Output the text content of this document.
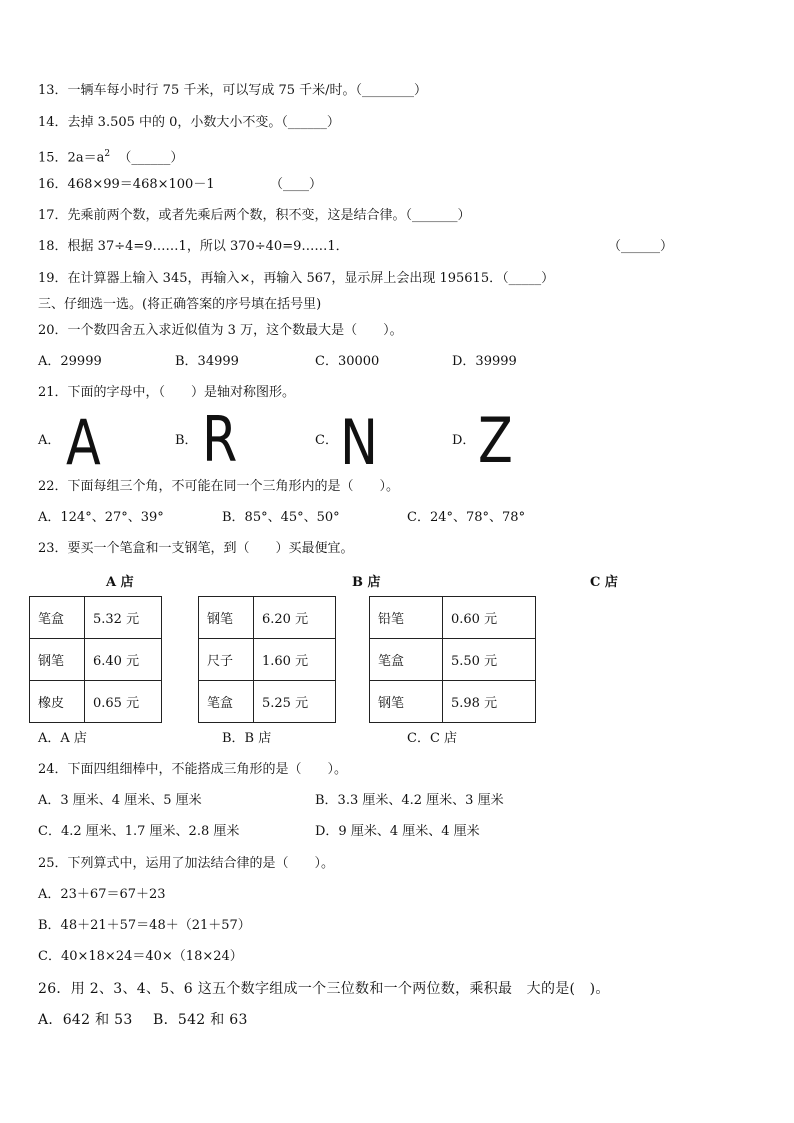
13．一辆车每小时行 75 千米，可以写成 75 千米/时。（________）
14．去掉 3.505 中的 0，小数大小不变。（______）
15．$2a=a^2$ （______）
16．468×99＝468×100－1	（____）
17．先乘前两个数，或者先乘后两个数，积不变，这是结合律。（_______）
18．根据 37÷4=9……1，所以 370÷40=9……1．	（______）
19．在计算器上输入 345，再输入×，再输入 567，显示屏上会出现 195615．（_____）
三、仔细选一选。(将正确答案的序号填在括号里)
20．一个数四舍五入求近似值为 3 万，这个数最大是（　　）。
A．29999	B．34999	C．30000	D．39999
21．下面的字母中，（　　）是轴对称图形。
A． A	B． R	C． N	D． Z
22．下面每组三个角，不可能在同一个三角形内的是（　　）。
A．124°、27°、39°	B．85°、45°、50°	C．24°、78°、78°
23．要买一个笔盒和一支钢笔，到（　　）买最便宜。
A 店	B 店	C 店
笔盒	5.32 元
钢笔	6.40 元
橡皮	0.65 元
钢笔	6.20 元
尺子	1.60 元
笔盒	5.25 元
铅笔	0.60 元
笔盒	5.50 元
钢笔	5.98 元
A．A 店	B．B 店	C．C 店
24．下面四组细棒中，不能搭成三角形的是（　　）。
A．3 厘米、4 厘米、5 厘米	B．3.3 厘米、4.2 厘米、3 厘米
C．4.2 厘米、1.7 厘米、2.8 厘米	D．9 厘米、4 厘米、4 厘米
25．下列算式中，运用了加法结合律的是（　　）。
A．23＋67＝67＋23
B．48＋21＋57＝48＋（21＋57）
C．40×18×24＝40×（18×24）
26．用 2、3、4、5、6 这五个数字组成一个三位数和一个两位数，乘积最　大的是(　)。
A．642 和 53 B．542 和 63
